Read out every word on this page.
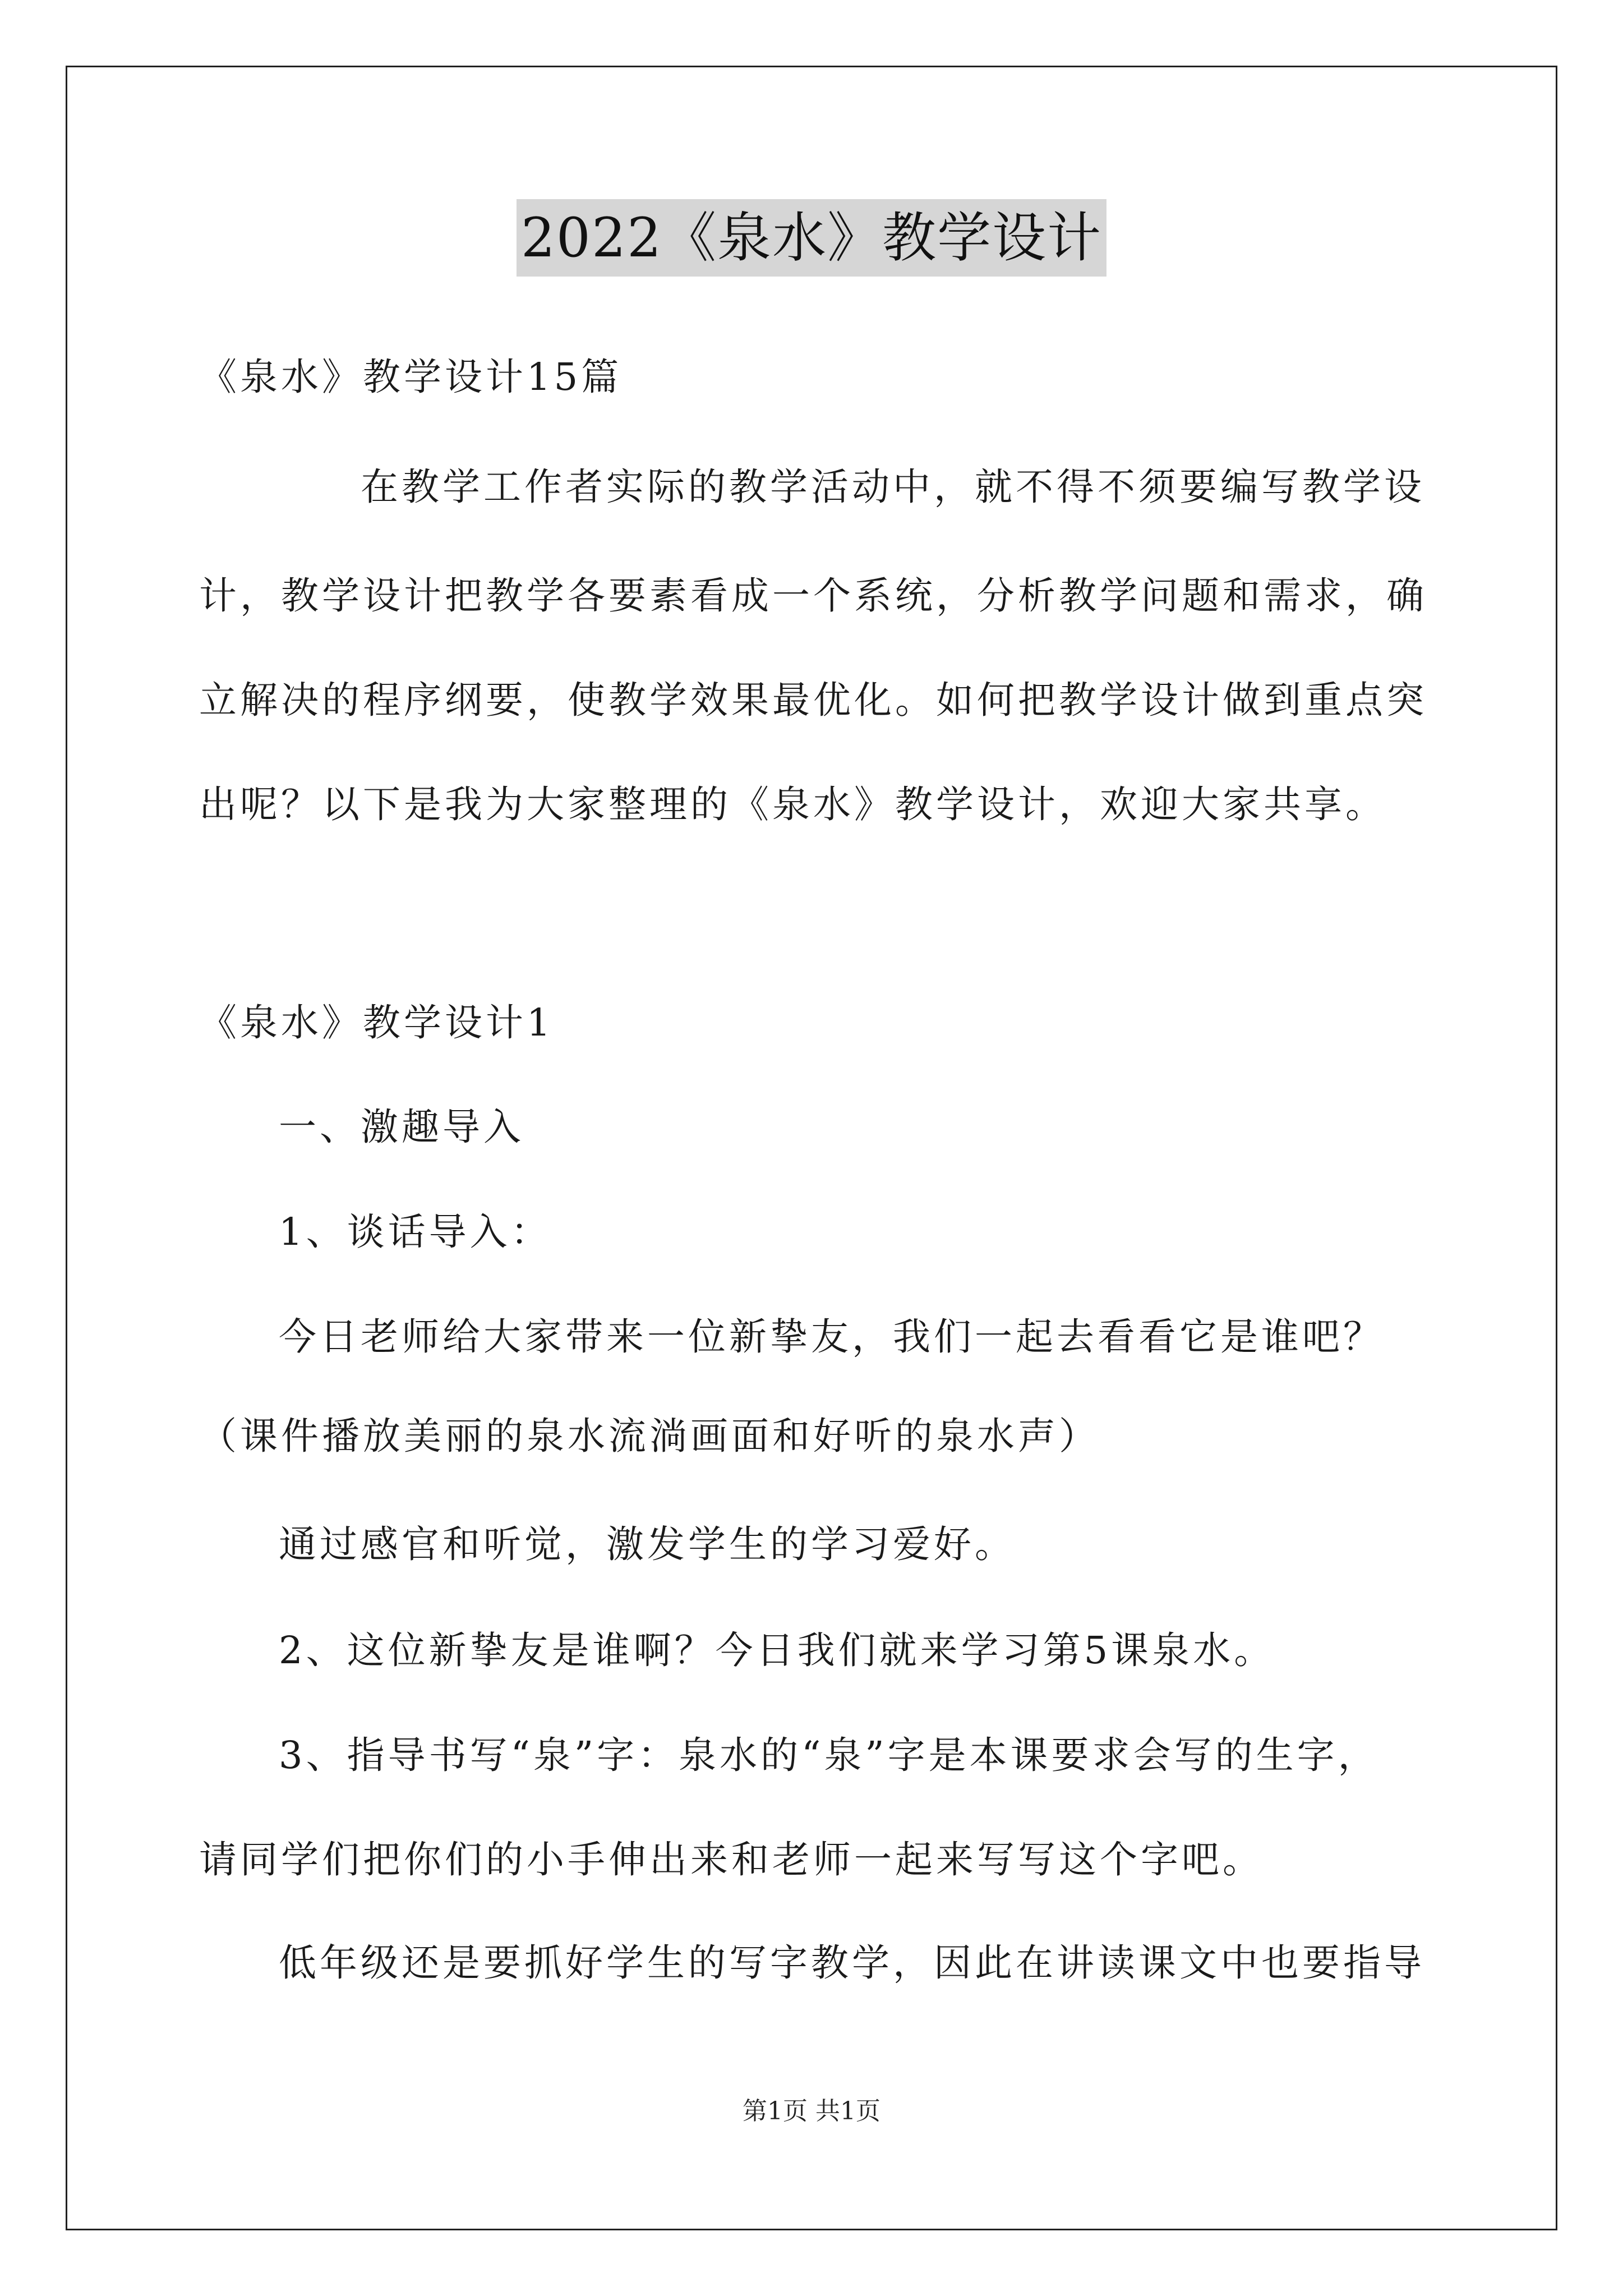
2022《泉水》教学设计
《泉水》教学设计15篇
在教学工作者实际的教学活动中，就不得不须要编写教学设
计，教学设计把教学各要素看成一个系统，分析教学问题和需求，确
立解决的程序纲要，使教学效果最优化。如何把教学设计做到重点突
出呢？以下是我为大家整理的《泉水》教学设计，欢迎大家共享。
《泉水》教学设计1
一、激趣导入
1、谈话导入：
今日老师给大家带来一位新挚友，我们一起去看看它是谁吧？
（课件播放美丽的泉水流淌画面和好听的泉水声）
通过感官和听觉，激发学生的学习爱好。
2、这位新挚友是谁啊？今日我们就来学习第5课泉水。
3、指导书写“泉”字：泉水的“泉”字是本课要求会写的生字，
请同学们把你们的小手伸出来和老师一起来写写这个字吧。
低年级还是要抓好学生的写字教学，因此在讲读课文中也要指导
第1页 共1页
